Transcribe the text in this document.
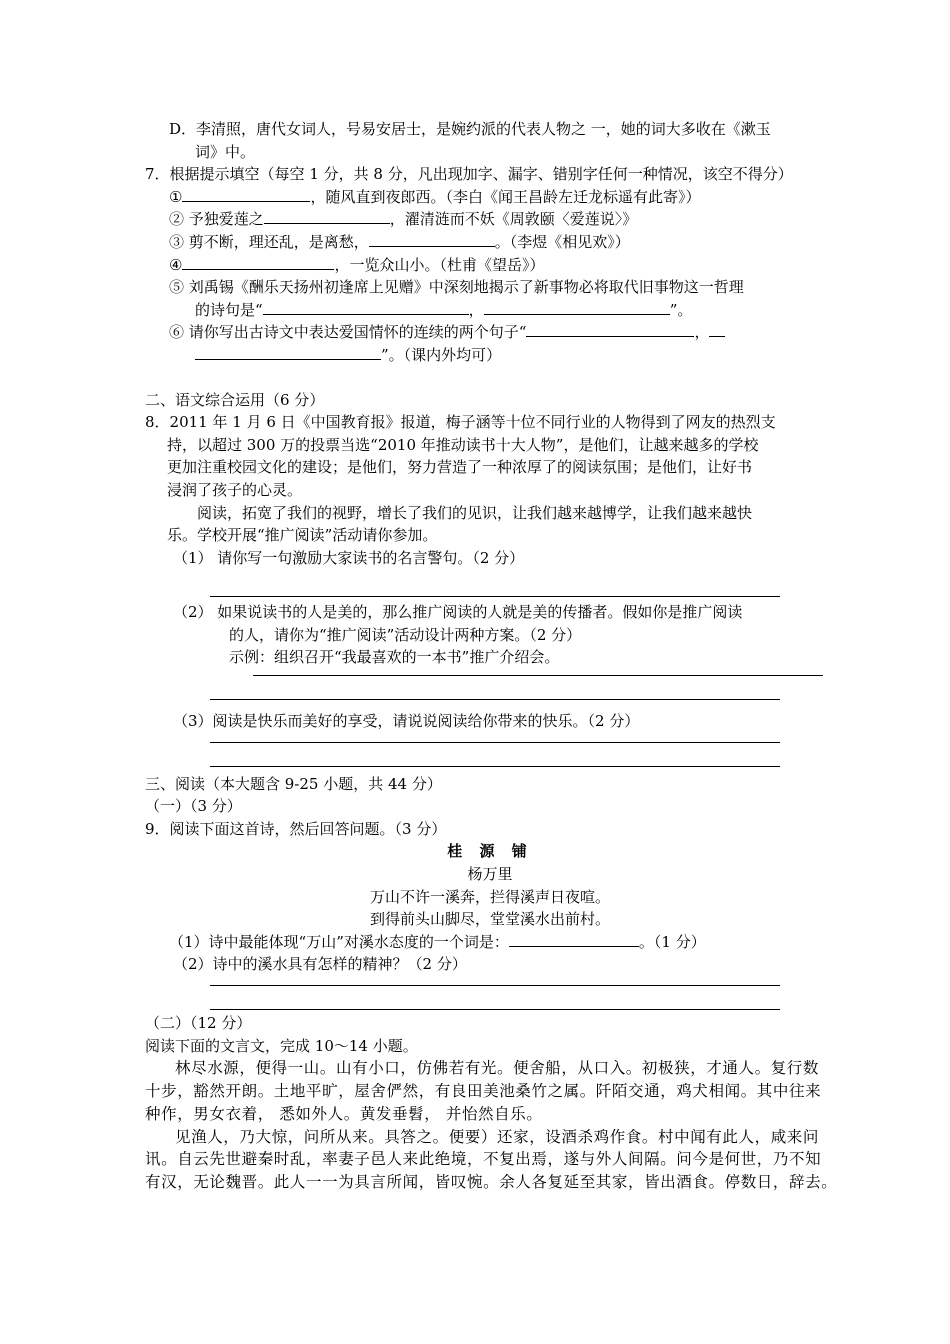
D．李清照，唐代女词人，号易安居士，是婉约派的代表人物之 一，她的词大多收在《漱玉

词》中。

7．根据提示填空（每空 1 分，共 8 分，凡出现加字、漏字、错别字任何一种情况，该空不得分）

①	，随风直到夜郎西。（李白《闻王昌龄左迁龙标遥有此寄》）

② 予独爱莲之	，濯清涟而不妖《周敦颐〈爱莲说〉》

③ 剪不断，理还乱，是离愁，	。（李煜《相见欢》）

④	，一览众山小。（杜甫《望岳》）

⑤ 刘禹锡《酬乐天扬州初逢席上见赠》中深刻地揭示了新事物必将取代旧事物这一哲理

的诗句是“	，	”。

⑥ 请你写出古诗文中表达爱国情怀的连续的两个句子“	，

”。（课内外均可）

二、语文综合运用（6 分）

8．2011 年 1 月 6 日《中国教育报》报道，梅子涵等十位不同行业的人物得到了网友的热烈支

持，以超过 300 万的投票当选“2010 年推动读书十大人物”，是他们，让越来越多的学校

更加注重校园文化的建设；是他们，努力营造了一种浓厚了的阅读氛围；是他们，让好书

浸润了孩子的心灵。

阅读，拓宽了我们的视野，增长了我们的见识，让我们越来越博学，让我们越来越快

乐。学校开展“推广阅读”活动请你参加。

（1） 请你写一句激励大家读书的名言警句。（2 分）

（2） 如果说读书的人是美的，那么推广阅读的人就是美的传播者。假如你是推广阅读

的人，请你为“推广阅读”活动设计两种方案。（2 分）

示例：组织召开“我最喜欢的一本书”推广介绍会。

（3）阅读是快乐而美好的享受，请说说阅读给你带来的快乐。（2 分）

三、阅读（本大题含 9-25 小题，共 44 分）

（一）（3 分）

9．阅读下面这首诗，然后回答问题。（3 分）

桂 源 铺

杨万里

万山不许一溪奔，拦得溪声日夜喧。

到得前头山脚尽，堂堂溪水出前村。

（1）诗中最能体现“万山”对溪水态度的一个词是：	。（1 分）

（2）诗中的溪水具有怎样的精神？（2 分）

（二）（12 分）

阅读下面的文言文，完成 10～14 小题。

林尽水源，便得一山。山有小口，仿佛若有光。便舍船，从口入。初极狭，才通人。复行数

十步，豁然开朗。土地平旷，屋舍俨然，有良田美池桑竹之属。阡陌交通，鸡犬相闻。其中往来

种作，男女衣着， 悉如外人。黄发垂髫， 并怡然自乐。

见渔人，乃大惊，问所从来。具答之。便要）还家，设酒杀鸡作食。村中闻有此人，咸来问

讯。自云先世避秦时乱，率妻子邑人来此绝境，不复出焉，遂与外人间隔。问今是何世，乃不知

有汉，无论魏晋。此人一一为具言所闻，皆叹惋。余人各复延至其家，皆出酒食。停数日，辞去。
